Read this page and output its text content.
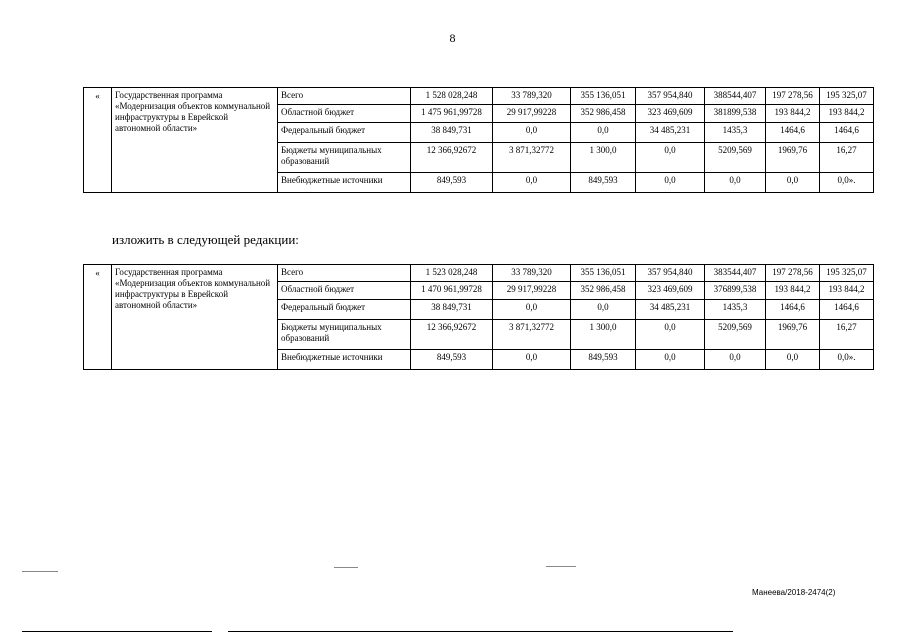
8
«	Государственная программа «Модернизация объектов коммунальной инфраструктуры в Еврейской автономной области»	Всего	1 528 028,248	33 789,320	355 136,051	357 954,840	388544,407	197 278,56	195 325,07
		Областной бюджет	1 475 961,99728	29 917,99228	352 986,458	323 469,609	381899,538	193 844,2	193 844,2
		Федеральный бюджет	38 849,731	0,0	0,0	34 485,231	1435,3	1464,6	1464,6
		Бюджеты муниципальных образований	12 366,92672	3 871,32772	1 300,0	0,0	5209,569	1969,76	16,27
		Внебюджетные источники	849,593	0,0	849,593	0,0	0,0	0,0	0,0».
изложить в следующей редакции:
«	Государственная программа «Модернизация объектов коммунальной инфраструктуры в Еврейской автономной области»	Всего	1 523 028,248	33 789,320	355 136,051	357 954,840	383544,407	197 278,56	195 325,07
		Областной бюджет	1 470 961,99728	29 917,99228	352 986,458	323 469,609	376899,538	193 844,2	193 844,2
		Федеральный бюджет	38 849,731	0,0	0,0	34 485,231	1435,3	1464,6	1464,6
		Бюджеты муниципальных образований	12 366,92672	3 871,32772	1 300,0	0,0	5209,569	1969,76	16,27
		Внебюджетные источники	849,593	0,0	849,593	0,0	0,0	0,0	0,0».
Манеева/2018-2474(2)
